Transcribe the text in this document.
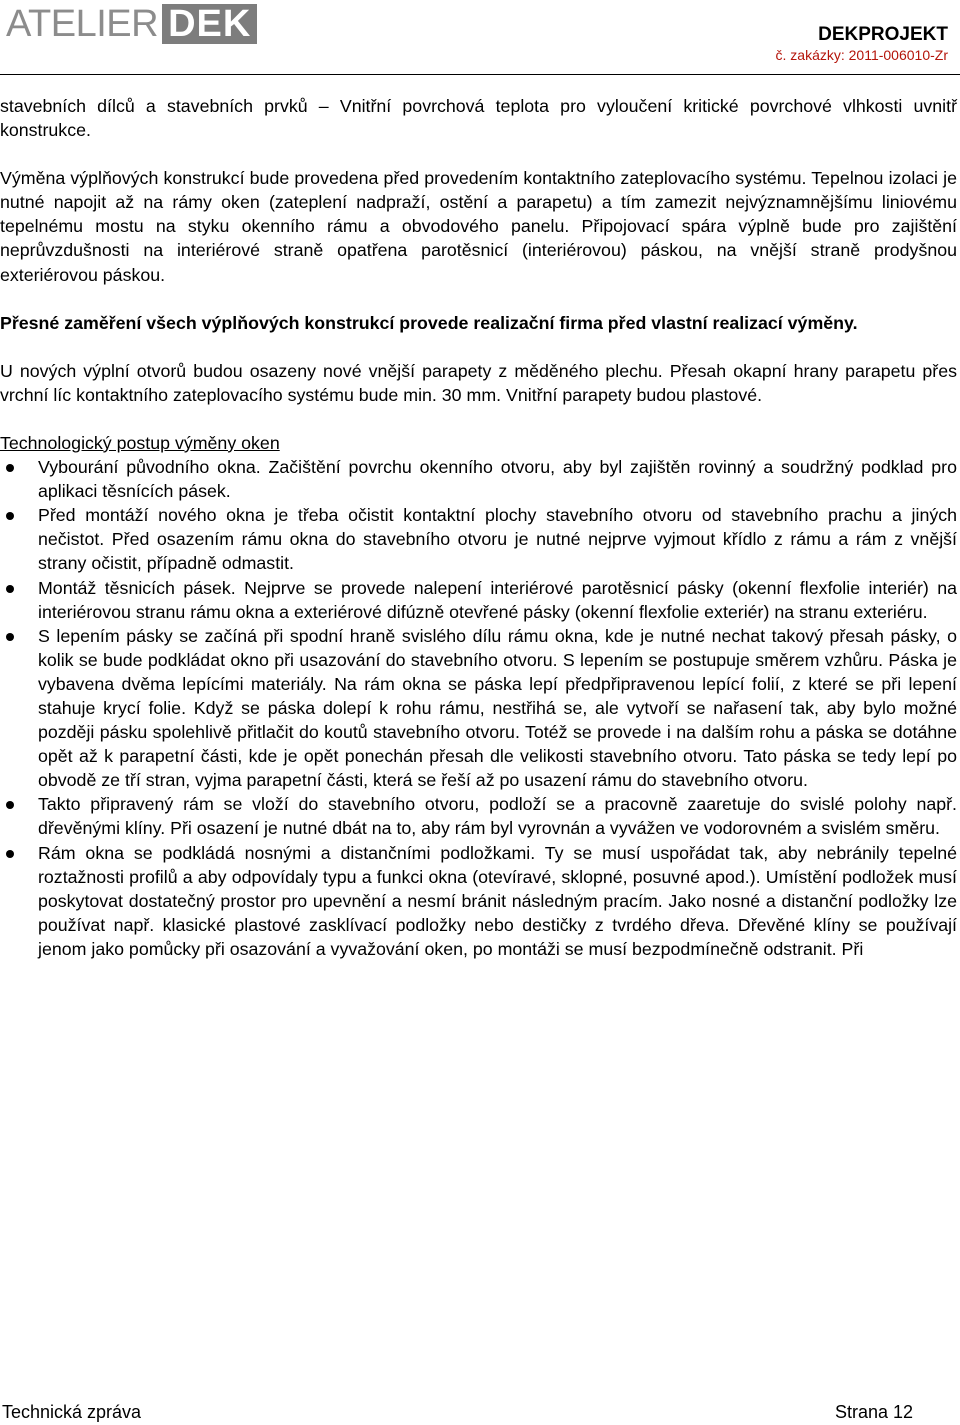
ATELIER DEK	DEKPROJEKT
č. zakázky: 2011-006010-Zr

stavebních dílců a stavebních prvků – Vnitřní povrchová teplota pro vyloučení kritické povrchové vlhkosti uvnitř konstrukce.

Výměna výplňových konstrukcí bude provedena před provedením kontaktního zateplovacího systému. Tepelnou izolaci je nutné napojit až na rámy oken (zateplení nadpraží, ostění a parapetu) a tím zamezit nejvýznamnějšímu liniovému tepelnému mostu na styku okenního rámu a obvodového panelu. Připojovací spára výplně bude pro zajištění neprůvzdušnosti na interiérové straně opatřena parotěsnicí (interiérovou) páskou, na vnější straně prodyšnou exteriérovou páskou.

Přesné zaměření všech výplňových konstrukcí provede realizační firma před vlastní realizací výměny.

U nových výplní otvorů budou osazeny nové vnější parapety z měděného plechu. Přesah okapní hrany parapetu přes vrchní líc kontaktního zateplovacího systému bude min. 30 mm. Vnitřní parapety budou plastové.

Technologický postup výměny oken

Vybourání původního okna. Začištění povrchu okenního otvoru, aby byl zajištěn rovinný a soudržný podklad pro aplikaci těsnících pásek.
Před montáží nového okna je třeba očistit kontaktní plochy stavebního otvoru od stavebního prachu a jiných nečistot. Před osazením rámu okna do stavebního otvoru je nutné nejprve vyjmout křídlo z rámu a rám z vnější strany očistit, případně odmastit.
Montáž těsnicích pásek. Nejprve se provede nalepení interiérové parotěsnicí pásky (okenní flexfolie interiér) na interiérovou stranu rámu okna a exteriérové difúzně otevřené pásky (okenní flexfolie exteriér) na stranu exteriéru.
S lepením pásky se začíná při spodní hraně svislého dílu rámu okna, kde je nutné nechat takový přesah pásky, o kolik se bude podkládat okno při usazování do stavebního otvoru. S lepením se postupuje směrem vzhůru. Páska je vybavena dvěma lepícími materiály. Na rám okna se páska lepí předpřipravenou lepící folií, z které se při lepení stahuje krycí folie. Když se páska dolepí k rohu rámu, nestřihá se, ale vytvoří se nařasení tak, aby bylo možné později pásku spolehlivě přitlačit do koutů stavebního otvoru. Totéž se provede i na dalším rohu a páska se dotáhne opět až k parapetní části, kde je opět ponechán přesah dle velikosti stavebního otvoru. Tato páska se tedy lepí po obvodě ze tří stran, vyjma parapetní části, která se řeší až po usazení rámu do stavebního otvoru.
Takto připravený rám se vloží do stavebního otvoru, podloží se a pracovně zaaretuje do svislé polohy např. dřevěnými klíny. Při osazení je nutné dbát na to, aby rám byl vyrovnán a vyvážen ve vodorovném a svislém směru.
Rám okna se podkládá nosnými a distančními podložkami. Ty se musí uspořádat tak, aby nebránily tepelné roztažnosti profilů a aby odpovídaly typu a funkci okna (otevíravé, sklopné, posuvné apod.). Umístění podložek musí poskytovat dostatečný prostor pro upevnění a nesmí bránit následným pracím. Jako nosné a distanční podložky lze používat např. klasické plastové zasklívací podložky nebo destičky z tvrdého dřeva. Dřevěné klíny se používají jenom jako pomůcky při osazování a vyvažování oken, po montáži se musí bezpodmínečně odstranit. Při
Technická zpráva	Strana 12
